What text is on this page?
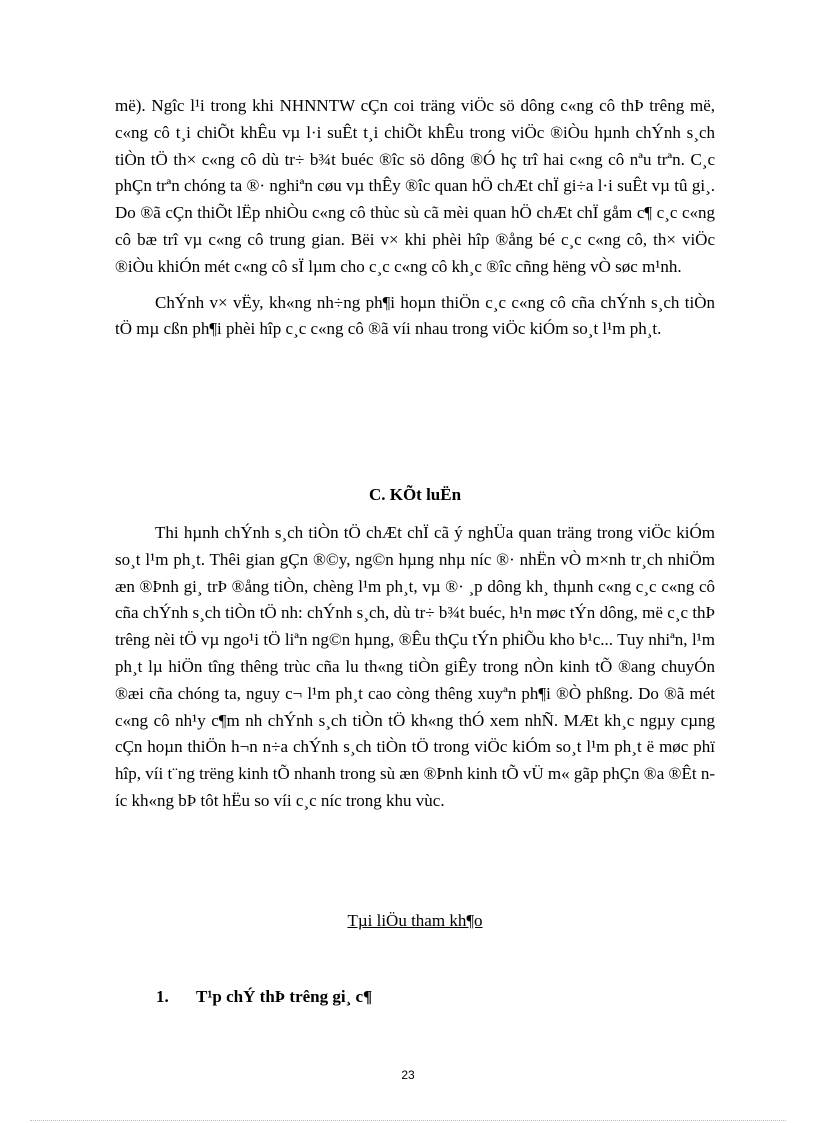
më). Ngîc l¹i trong khi NHNNTW cÇn coi träng viÖc sö dông c«ng cô thÞ trêng më, c«ng cô t¸i chiÕt khÊu vµ l·i suÊt t¸i chiÕt khÊu trong viÖc ®iÒu hµnh chÝnh s¸ch tiÒn tÖ th× c«ng cô dù tr÷ b¾t buéc ®îc sö dông ®Ó hç trî hai c«ng cô nªu trªn. C¸c phÇn trªn chóng ta ®· nghiªn cøu vµ thÊy ®îc quan hÖ chÆt chÏ gi÷a l·i suÊt vµ tû gi¸. Do ®ã cÇn thiÕt lËp nhiÒu c«ng cô thùc sù cã mèi quan hÖ chÆt chÏ gåm c¶ c¸c c«ng cô bæ trî vµ c«ng cô trung gian. Bëi v× khi phèi hîp ®ång bé c¸c c«ng cô, th× viÖc ®iÒu khiÓn mét c«ng cô sÏ lµm cho c¸c c«ng cô kh¸c ®îc cñng hëng vÒ søc m¹nh.

ChÝnh v× vËy, kh«ng nh÷ng ph¶i hoµn thiÖn c¸c c«ng cô cña chÝnh s¸ch tiÒn tÖ mµ cßn ph¶i phèi hîp c¸c c«ng cô ®ã víi nhau trong viÖc kiÓm so¸t l¹m ph¸t.

C. KÕt luËn

Thi hµnh chÝnh s¸ch tiÒn tÖ chÆt chÏ cã ý nghÜa quan träng trong viÖc kiÓm so¸t l¹m ph¸t. Thêi gian gÇn ®©y, ng©n hµng nhµ níc ®· nhËn vÒ m×nh tr¸ch nhiÖm æn ®Þnh gi¸ trÞ ®ång tiÒn, chèng l¹m ph¸t, vµ ®· ¸p dông kh¸ thµnh c«ng c¸c c«ng cô cña chÝnh s¸ch tiÒn tÖ nh: chÝnh s¸ch, dù tr÷ b¾t buéc, h¹n møc tÝn dông, më c¸c thÞ trêng nèi tÖ vµ ngo¹i tÖ liªn ng©n hµng, ®Êu thÇu tÝn phiÕu kho b¹c... Tuy nhiªn, l¹m ph¸t lµ hiÖn tîng thêng trùc cña lu th«ng tiÒn giÊy trong nÒn kinh tÕ ®ang chuyÓn ®æi cña chóng ta, nguy c¬ l¹m ph¸t cao còng thêng xuyªn ph¶i ®Ò phßng. Do ®ã mét c«ng cô nh¹y c¶m nh chÝnh s¸ch tiÒn tÖ kh«ng thÓ xem nhÑ. MÆt kh¸c ngµy cµng cÇn hoµn thiÖn h¬n n÷a chÝnh s¸ch tiÒn tÖ trong viÖc kiÓm so¸t l¹m ph¸t ë møc phï hîp, víi t¨ng trëng kinh tÕ nhanh trong sù æn ®Þnh kinh tÕ vÜ m« gãp phÇn ®a ®Êt níc kh«ng bÞ tôt hËu so víi c¸c níc trong khu vùc.

Tµi liÖu tham kh¶o
1. T¹p chÝ thÞ trêng gi¸ c¶
23
